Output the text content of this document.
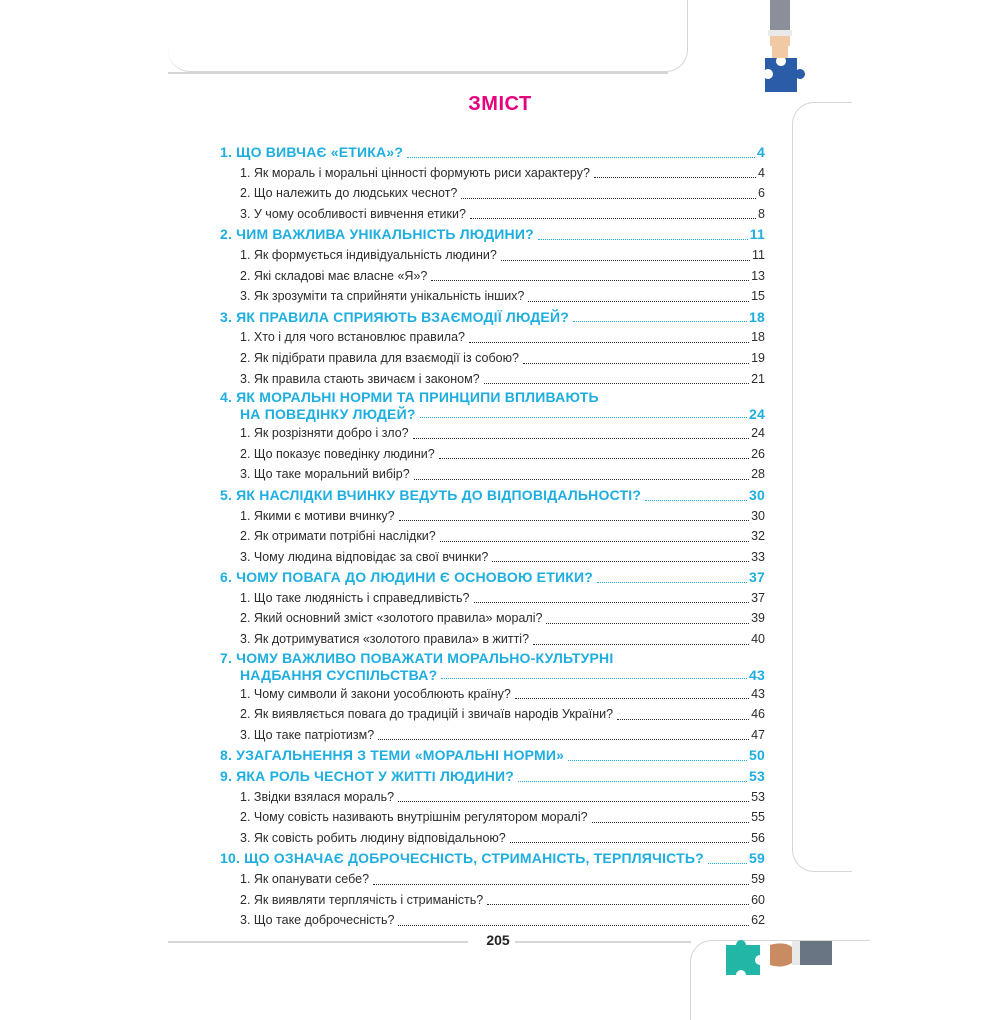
ЗМІСТ
1. ЩО ВИВЧАЄ «ЕТИКА»?	4
1. Як мораль і моральні цінності формують риси характеру?	4
2. Що належить до людських чеснот?	6
3. У чому особливості вивчення етики?	8
2. ЧИМ ВАЖЛИВА УНІКАЛЬНІСТЬ ЛЮДИНИ?	11
1. Як формується індивідуальність людини?	11
2. Які складові має власне «Я»?	13
3. Як зрозуміти та сприйняти унікальність інших?	15
3. ЯК ПРАВИЛА СПРИЯЮТЬ ВЗАЄМОДІЇ ЛЮДЕЙ?	18
1. Хто і для чого встановлює правила?	18
2. Як підібрати правила для взаємодії із собою?	19
3. Як правила стають звичаєм і законом?	21
4. ЯК МОРАЛЬНІ НОРМИ ТА ПРИНЦИПИ ВПЛИВАЮТЬ
НА ПОВЕДІНКУ ЛЮДЕЙ?	24
1. Як розрізняти добро і зло?	24
2. Що показує поведінку людини?	26
3. Що таке моральний вибір?	28
5. ЯК НАСЛІДКИ ВЧИНКУ ВЕДУТЬ ДО ВІДПОВІДАЛЬНОСТІ?	30
1. Якими є мотиви вчинку?	30
2. Як отримати потрібні наслідки?	32
3. Чому людина відповідає за свої вчинки?	33
6. ЧОМУ ПОВАГА ДО ЛЮДИНИ Є ОСНОВОЮ ЕТИКИ?	37
1. Що таке людяність і справедливість?	37
2. Який основний зміст «золотого правила» моралі?	39
3. Як дотримуватися «золотого правила» в житті?	40
7. ЧОМУ ВАЖЛИВО ПОВАЖАТИ МОРАЛЬНО-КУЛЬТУРНІ
НАДБАННЯ СУСПІЛЬСТВА?	43
1. Чому символи й закони уособлюють країну?	43
2. Як виявляється повага до традицій і звичаїв народів України?	46
3. Що таке патріотизм?	47
8. УЗАГАЛЬНЕННЯ З ТЕМИ «МОРАЛЬНІ НОРМИ»	50
9. ЯКА РОЛЬ ЧЕСНОТ У ЖИТТІ ЛЮДИНИ?	53
1. Звідки взялася мораль?	53
2. Чому совість називають внутрішнім регулятором моралі?	55
3. Як совість робить людину відповідальною?	56
10. ЩО ОЗНАЧАЄ ДОБРОЧЕСНІСТЬ, СТРИМАНІСТЬ, ТЕРПЛЯЧІСТЬ?	59
1. Як опанувати себе?	59
2. Як виявляти терплячість і стриманість?	60
3. Що таке доброчесність?	62
205
